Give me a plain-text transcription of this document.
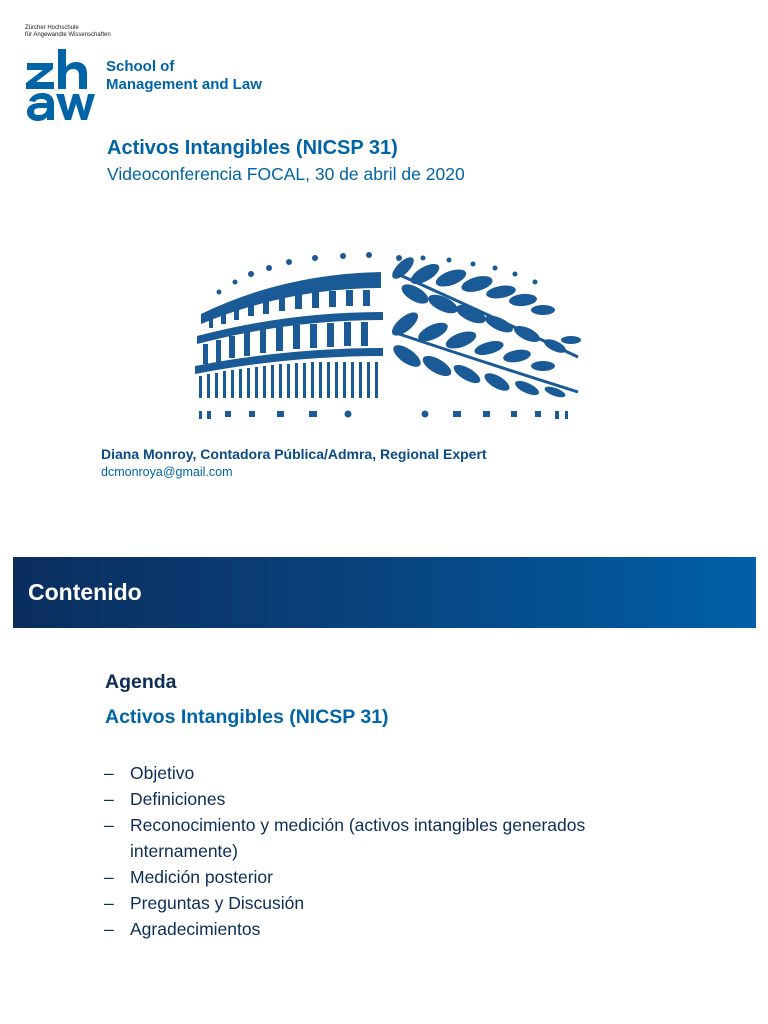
Zürcher Hochschule
für Angewandte Wissenschaften
School of
Management and Law
Activos Intangibles (NICSP 31)
Videoconferencia FOCAL, 30 de abril de 2020
Diana Monroy, Contadora Pública/Admra, Regional Expert
dcmonroya@gmail.com
Contenido
Agenda
Activos Intangibles (NICSP 31)
– Objetivo
– Definiciones
– Reconocimiento y medición (activos intangibles generados internamente)
– Medición posterior
– Preguntas y Discusión
– Agradecimientos
